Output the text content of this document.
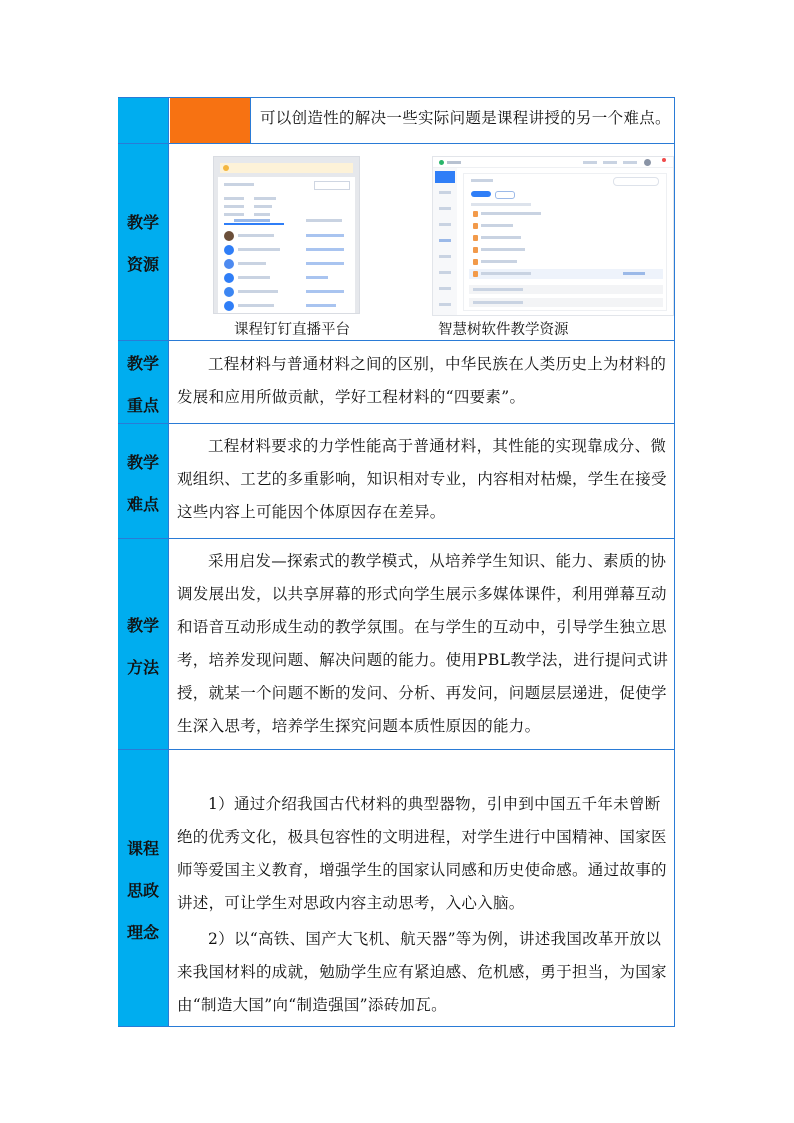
可以创造性的解决一些实际问题是课程讲授的另一个难点。

教学
资源
课程钉钉直播平台	智慧树软件教学资源
教学
重点

工程材料与普通材料之间的区别，中华民族在人类历史上为材料的发展和应用所做贡献，学好工程材料的“四要素”。

教学
难点

工程材料要求的力学性能高于普通材料，其性能的实现靠成分、微观组织、工艺的多重影响，知识相对专业，内容相对枯燥，学生在接受这些内容上可能因个体原因存在差异。

教学
方法

采用启发—探索式的教学模式，从培养学生知识、能力、素质的协调发展出发，以共享屏幕的形式向学生展示多媒体课件，利用弹幕互动和语音互动形成生动的教学氛围。在与学生的互动中，引导学生独立思考，培养发现问题、解决问题的能力。使用PBL教学法，进行提问式讲授，就某一个问题不断的发问、分析、再发问，问题层层递进，促使学生深入思考，培养学生探究问题本质性原因的能力。

课程
思政
理念

1）通过介绍我国古代材料的典型器物，引申到中国五千年未曾断绝的优秀文化，极具包容性的文明进程，对学生进行中国精神、国家医师等爱国主义教育，增强学生的国家认同感和历史使命感。通过故事的讲述，可让学生对思政内容主动思考，入心入脑。

2）以“高铁、国产大飞机、航天器”等为例，讲述我国改革开放以来我国材料的成就，勉励学生应有紧迫感、危机感，勇于担当，为国家由“制造大国”向“制造强国”添砖加瓦。
